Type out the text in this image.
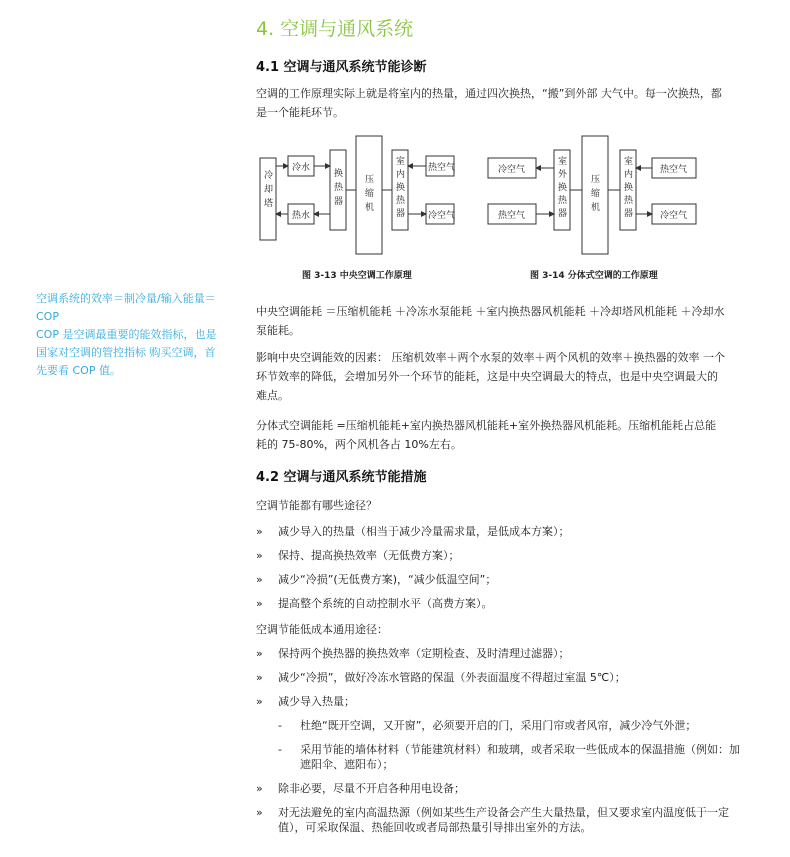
4. 空调与通风系统
4.1 空调与通风系统节能诊断
空调的工作原理实际上就是将室内的热量，通过四次换热，“搬”到外部 大气中。每一次换热，都是一个能耗环节。
冷却塔
冷水
热水
换热器
压缩机
室内换热器
热空气
冷空气
图 3-13 中央空调工作原理
冷空气
热空气
室外换热器
压缩机
室内换热器
热空气
冷空气
图 3-14 分体式空调的工作原理
空调系统的效率＝制冷量/输入能量＝COP
COP 是空调最重要的能效指标，也是国家对空调的管控指标 购买空调，首先要看 COP 值。
中央空调能耗 ＝压缩机能耗 ＋冷冻水泵能耗 ＋室内换热器风机能耗 ＋冷却塔风机能耗 ＋冷却水泵能耗。
影响中央空调能效的因素： 压缩机效率＋两个水泵的效率＋两个风机的效率＋换热器的效率 一个环节效率的降低，会增加另外一个环节的能耗，这是中央空调最大的特点，也是中央空调最大的难点。
分体式空调能耗 =压缩机能耗+室内换热器风机能耗+室外换热器风机能耗。压缩机能耗占总能耗的 75-80%，两个风机各占 10%左右。
4.2 空调与通风系统节能措施
空调节能都有哪些途径？
» 减少导入的热量（相当于减少冷量需求量，是低成本方案）；
» 保持、提高换热效率（无低费方案）；
» 减少“冷损”(无低费方案)，“减少低温空间”；
» 提高整个系统的自动控制水平（高费方案）。
空调节能低成本通用途径：
» 保持两个换热器的换热效率（定期检查、及时清理过滤器）；
» 减少“冷损”，做好冷冻水管路的保温（外表面温度不得超过室温 5℃）；
» 减少导入热量；
- 杜绝“既开空调，又开窗”，必须要开启的门，采用门帘或者风帘，减少冷气外泄；
- 采用节能的墙体材料（节能建筑材料）和玻璃，或者采取一些低成本的保温措施（例如：加遮阳伞、遮阳布）；
» 除非必要，尽量不开启各种用电设备；
» 对无法避免的室内高温热源（例如某些生产设备会产生大量热量，但又要求室内温度低于一定值），可采取保温、热能回收或者局部热量引导排出室外的方法。
